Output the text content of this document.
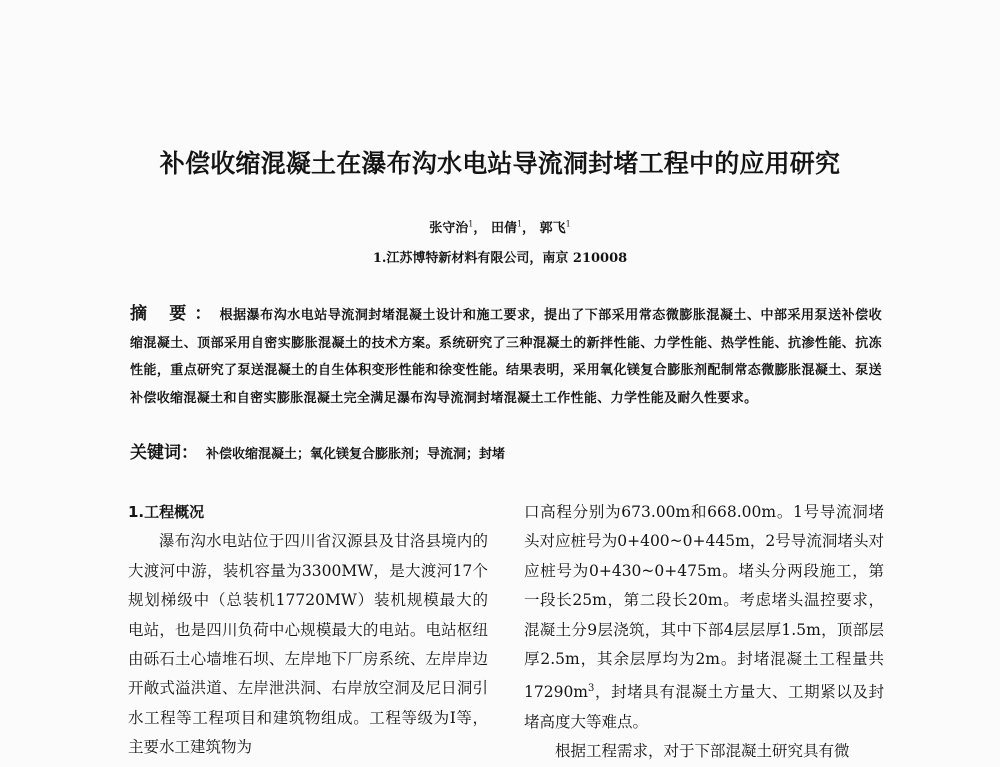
补偿收缩混凝土在瀑布沟水电站导流洞封堵工程中的应用研究
张守治$^1$， 田倩$^1$， 郭飞$^1$
1.江苏博特新材料有限公司，南京 210008
摘 要：根据瀑布沟水电站导流洞封堵混凝土设计和施工要求，提出了下部采用常态微膨胀混凝土、中部采用泵送补偿收缩混凝土、顶部采用自密实膨胀混凝土的技术方案。系统研究了三种混凝土的新拌性能、力学性能、热学性能、抗渗性能、抗冻性能，重点研究了泵送混凝土的自生体积变形性能和徐变性能。结果表明，采用氧化镁复合膨胀剂配制常态微膨胀混凝土、泵送补偿收缩混凝土和自密实膨胀混凝土完全满足瀑布沟导流洞封堵混凝土工作性能、力学性能及耐久性要求。
关键词： 补偿收缩混凝土；氧化镁复合膨胀剂；导流洞；封堵

1.工程概况

瀑布沟水电站位于四川省汉源县及甘洛县境内的大渡河中游，装机容量为3300MW，是大渡河17个规划梯级中（总装机17720MW）装机规模最大的电站，也是四川负荷中心规模最大的电站。电站枢纽由砾石土心墙堆石坝、左岸地下厂房系统、左岸岸边开敞式溢洪道、左岸泄洪洞、右岸放空洞及尼日洞引水工程等工程项目和建筑物组成。工程等级为Ⅰ等，主要水工建筑物为

口高程分别为673.00m和668.00m。1号导流洞堵头对应桩号为0+400~0+445m，2号导流洞堵头对应桩号为0+430~0+475m。堵头分两段施工，第一段长25m，第二段长20m。考虑堵头温控要求，混凝土分9层浇筑，其中下部4层层厚1.5m，顶部层厚2.5m，其余层厚均为2m。封堵混凝土工程量共$17290m^3$，封堵具有混凝土方量大、工期紧以及封堵高度大等难点。

根据工程需求，对于下部混凝土研究具有微
